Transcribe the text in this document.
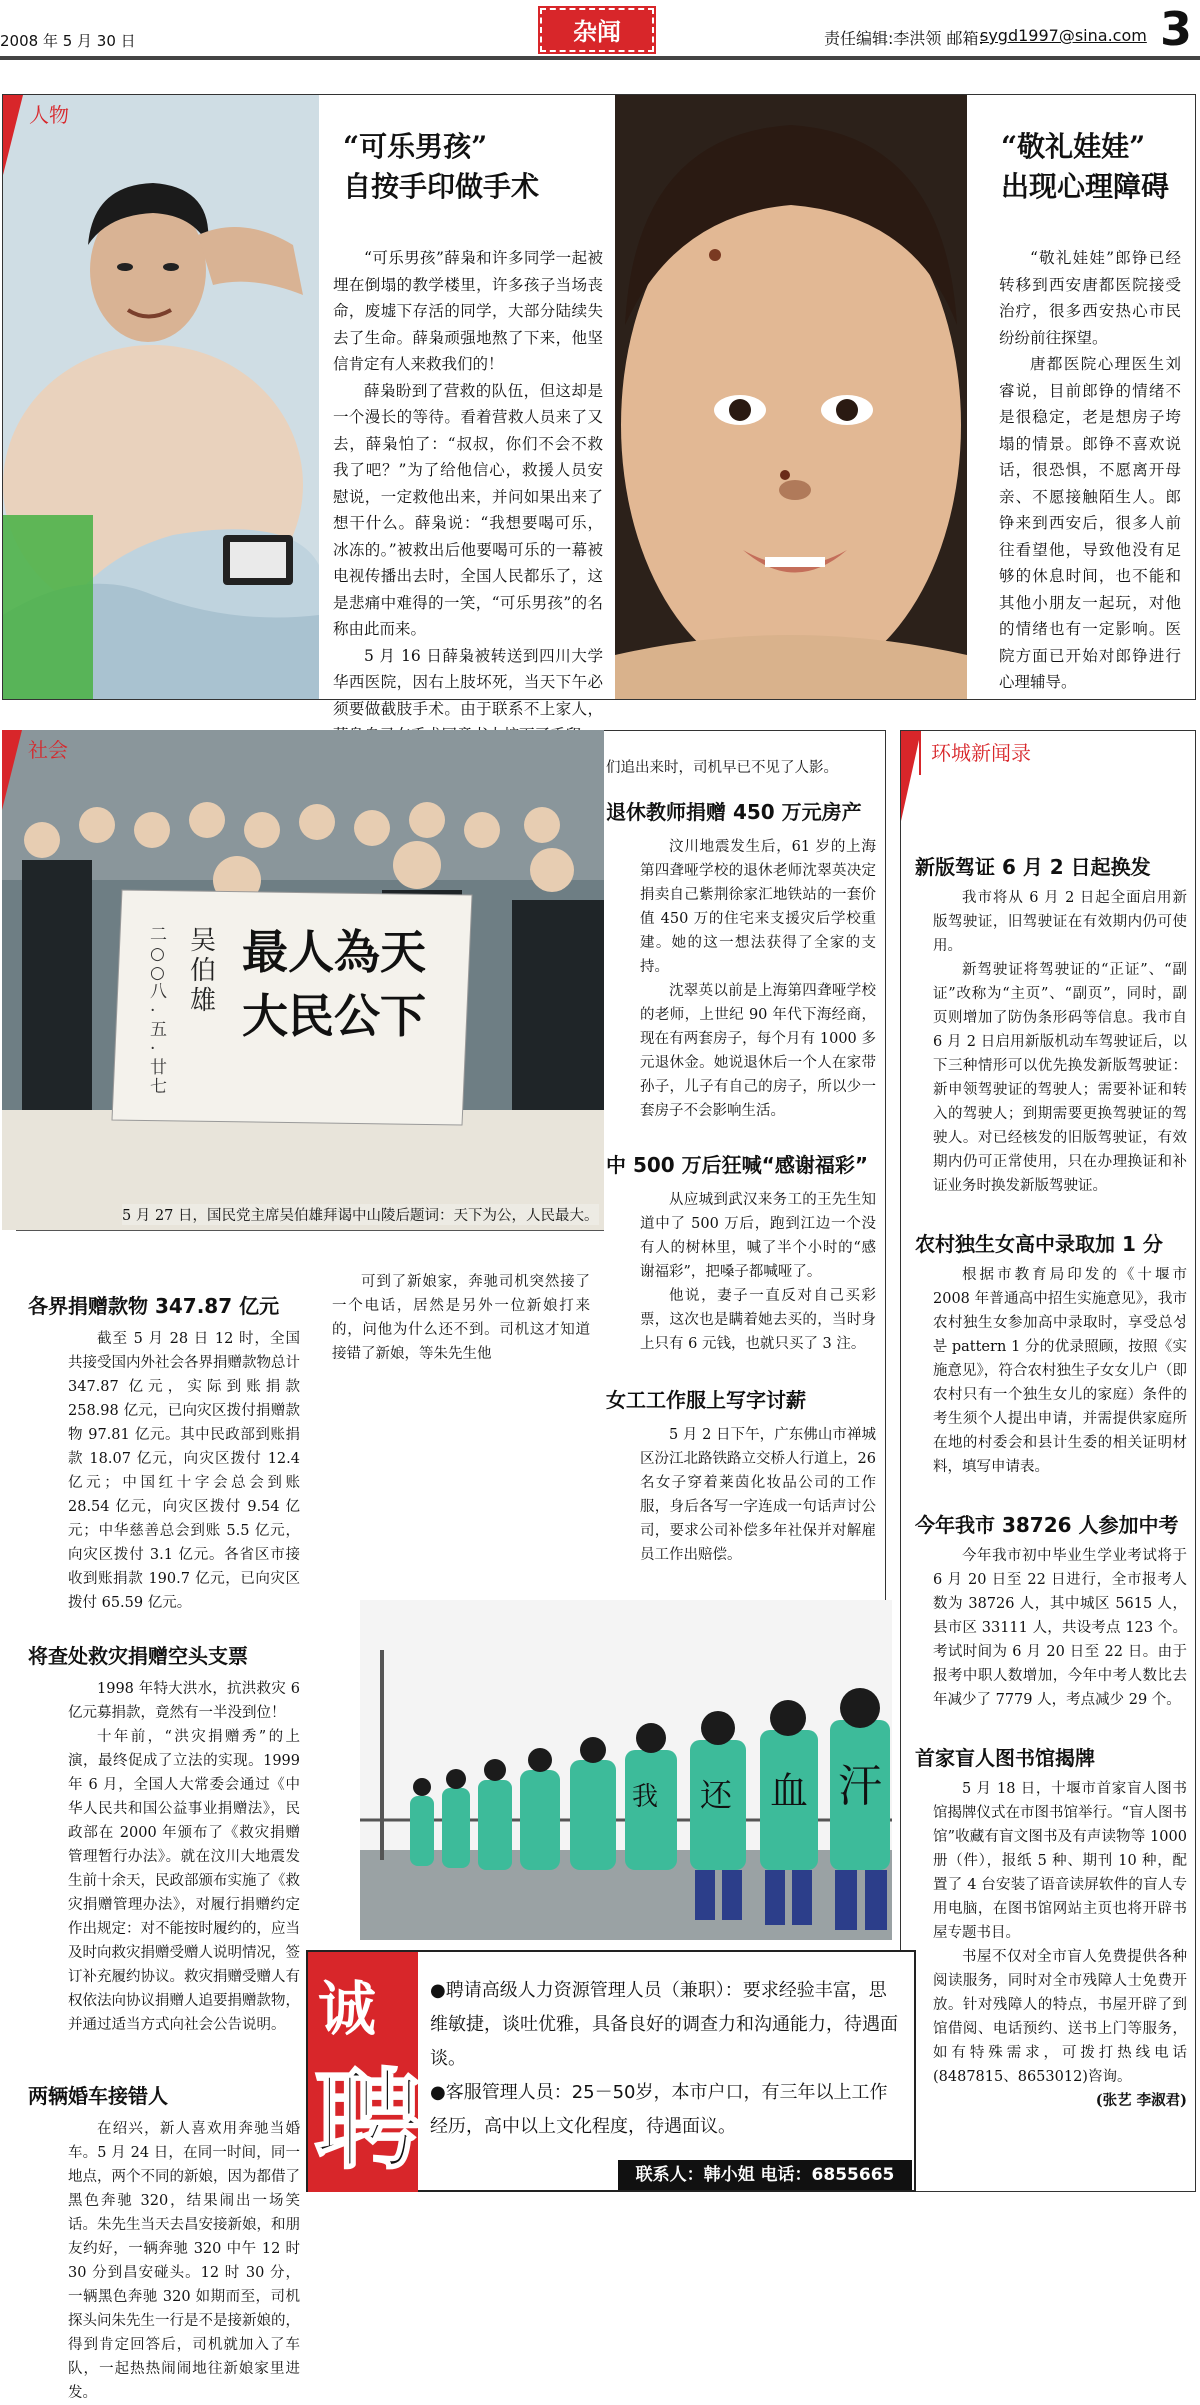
2008 年 5 月 30 日	杂闻	责任编辑:李洪领 邮箱:
sygd1997@sina.com 3
人物
“可乐男孩”
自按手印做手术

“可乐男孩”薛枭和许多同学一起被埋在倒塌的教学楼里，许多孩子当场丧命，废墟下存活的同学，大部分陆续失去了生命。薛枭顽强地熬了下来，他坚信肯定有人来救我们的！

薛枭盼到了营救的队伍，但这却是一个漫长的等待。看着营救人员来了又去，薛枭怕了：“叔叔，你们不会不救我了吧？”为了给他信心，救援人员安慰说，一定救他出来，并问如果出来了想干什么。薛枭说：“我想要喝可乐，冰冻的。”被救出后他要喝可乐的一幕被电视传播出去时，全国人民都乐了，这是悲痛中难得的一笑，“可乐男孩”的名称由此而来。

5 月 16 日薛枭被转送到四川大学华西医院，因右上肢坏死，当天下午必须要做截肢手术。由于联系不上家人，

“敬礼娃娃”
出现心理障碍

“敬礼娃娃”郎铮已经转移到西安唐都医院接受治疗，很多西安热心市民纷纷前往探望。

唐都医院心理医生刘睿说，目前郎铮的情绪不是很稳定，老是想房子垮塌的情景。郎铮不喜欢说话，很恐惧，不愿离开母亲、不愿接触陌生人。郎铮来到西安后，很多人前往看望他，导致他没有足够的休息时间，也不能和其他小朋友一起玩，对他的情绪也有一定影响。医院方面已开始对郎铮进行心理辅导。

社会
最人為天
大民公下
吴伯雄
二○○八·五·廿七
5 月 27 日，国民党主席吴伯雄拜谒中山陵后题词：天下为公，人民最大。

们追出来时，司机早已不见了人影。

退休教师捐赠 450 万元房产

汶川地震发生后，61 岁的上海第四聋哑学校的退休老师沈翠英决定捐卖自己紫荆徐家汇地铁站的一套价值 450 万的住宅来支援灾后学校重建。她的这一想法获得了全家的支持。

沈翠英以前是上海第四聋哑学校的老师，上世纪 90 年代下海经商，现在有两套房子，每个月有 1000 多元退休金。她说退休后一个人在家带孙子，儿子有自己的房子，所以少一套房子不会影响生活。

中 500 万后狂喊“感谢福彩”

从应城到武汉来务工的王先生知道中了 500 万后，跑到江边一个没有人的树林里，喊了半个小时的“感谢福彩”，把嗓子都喊哑了。

他说，妻子一直反对自己买彩票，这次也是瞒着她去买的，当时身上只有 6 元钱，也就只买了 3 注。

女工工作服上写字讨薪

5 月 2 日下午，广东佛山市禅城区汾江北路铁路立交桥人行道上，26 名女子穿着莱茵化妆品公司的工作服，身后各写一字连成一句话声讨公司，要求公司补偿多年社保并对解雇员工作出赔偿。

各界捐赠款物 347.87 亿元

截至 5 月 28 日 12 时，全国共接受国内外社会各界捐赠款物总计 347.87 亿元，实际到账捐款 258.98 亿元，已向灾区拨付捐赠款物 97.81 亿元。其中民政部到账捐款 18.07 亿元，向灾区拨付 12.4 亿元；中国红十字会总会到账 28.54 亿元，向灾区拨付 9.54 亿元；中华慈善总会到账 5.5 亿元，向灾区拨付 3.1 亿元。各省区市接收到账捐款 190.7 亿元，已向灾区拨付 65.59 亿元。

将查处救灾捐赠空头支票

1998 年特大洪水，抗洪救灾 6 亿元募捐款，竟然有一半没到位！

十年前，“洪灾捐赠秀”的上演，最终促成了立法的实现。1999 年 6 月，全国人大常委会通过《中华人民共和国公益事业捐赠法》，民政部在 2000 年颁布了《救灾捐赠管理暂行办法》。就在汶川大地震发生前十余天，民政部颁布实施了《救灾捐赠管理办法》，对履行捐赠约定作出规定：对不能按时履约的，应当及时向救灾捐赠受赠人说明情况，签订补充履约协议。救灾捐赠受赠人有权依法向协议捐赠人追要捐赠款物，并通过适当方式向社会公告说明。

两辆婚车接错人

在绍兴，新人喜欢用奔驰当婚车。5 月 24 日，在同一时间，同一地点，两个不同的新娘，因为都借了黑色奔驰 320，结果闹出一场笑话。朱先生当天去昌安接新娘，和朋友约好，一辆奔驰 320 中午 12 时 30 分到昌安碰头。12 时 30 分，一辆黑色奔驰 320 如期而至，司机探头问朱先生一行是不是接新娘的，得到肯定回答后，司机就加入了车队，一起热热闹闹地往新娘家里进发。

可到了新娘家，奔驰司机突然接了一个电话，居然是另外一位新娘打来的，问他为什么还不到。司机这才知道接错了新娘，等朱先生他

汗
血
还
我
环城新闻录
新版驾证 6 月 2 日起换发

我市将从 6 月 2 日起全面启用新版驾驶证，旧驾驶证在有效期内仍可使用。

新驾驶证将驾驶证的“正证”、“副证”改称为“主页”、“副页”，同时，副页则增加了防伪条形码等信息。我市自 6 月 2 日启用新版机动车驾驶证后，以下三种情形可以优先换发新版驾驶证：新申领驾驶证的驾驶人；需要补证和转入的驾驶人；到期需要更换驾驶证的驾驶人。对已经核发的旧版驾驶证，有效期内仍可正常使用，只在办理换证和补证业务时换发新版驾驶证。

农村独生女高中录取加 1 分

根据市教育局印发的《十堰市 2008 年普通高中招生实施意见》，我市农村独生女参加高中录取时，享受总성분 pattern 1 分的优录照顾，按照《实施意见》，符合农村独生子女女儿户（即农村只有一个独生女儿的家庭）条件的考生须个人提出申请，并需提供家庭所在地的村委会和县计生委的相关证明材料，填写申请表。

今年我市 38726 人参加中考

今年我市初中毕业生学业考试将于 6 月 20 日至 22 日进行，全市报考人数为 38726 人，其中城区 5615 人，县市区 33111 人，共设考点 123 个。考试时间为 6 月 20 日至 22 日。由于报考中职人数增加，今年中考人数比去年减少了 7779 人，考点减少 29 个。

首家盲人图书馆揭牌

5 月 18 日，十堰市首家盲人图书馆揭牌仪式在市图书馆举行。“盲人图书馆”收藏有盲文图书及有声读物等 1000 册（件），报纸 5 种、期刊 10 种，配置了 4 台安装了语音读屏软件的盲人专用电脑，在图书馆网站主页也将开辟书屋专题书目。

书屋不仅对全市盲人免费提供各种阅读服务，同时对全市残障人士免费开放。针对残障人的特点，书屋开辟了到馆借阅、电话预约、送书上门等服务，如有特殊需求，可拨打热线电话(8487815、8653012)咨询。

(张艺 李淑君)
诚
聘
●聘请高级人力资源管理人员（兼职）：要求经验丰富，思维敏捷，谈吐优雅，具备良好的调查力和沟通能力，待遇面谈。
●客服管理人员：25－50岁，本市户口，有三年以上工作经历，高中以上文化程度，待遇面议。
联系人：韩小姐 电话：6855665
